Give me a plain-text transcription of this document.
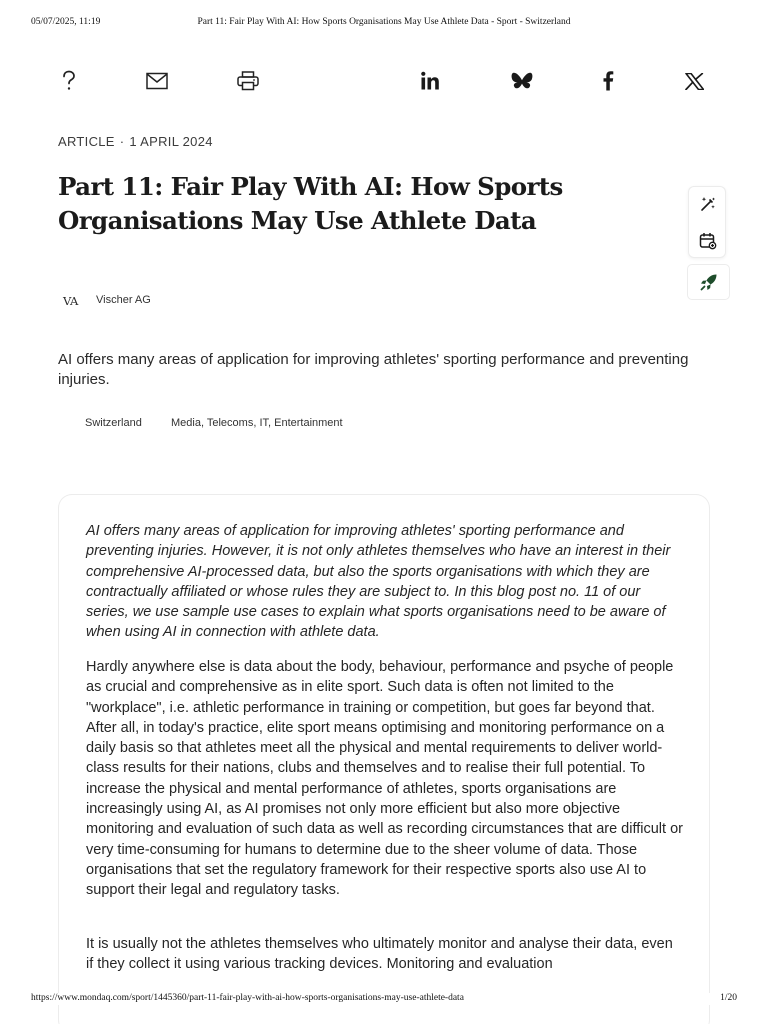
05/07/2025, 11:19	Part 11: Fair Play With AI: How Sports Organisations May Use Athlete Data - Sport - Switzerland
ARTICLE · 1 APRIL 2024
Part 11: Fair Play With AI: How Sports Organisations May Use Athlete Data
VA Vischer AG

AI offers many areas of application for improving athletes' sporting performance and preventing injuries.

Switzerland	Media, Telecoms, IT, Entertainment

AI offers many areas of application for improving athletes' sporting performance and preventing injuries. However, it is not only athletes themselves who have an interest in their comprehensive AI-processed data, but also the sports organisations with which they are contractually affiliated or whose rules they are subject to. In this blog post no. 11 of our series, we use sample use cases to explain what sports organisations need to be aware of when using AI in connection with athlete data.

Hardly anywhere else is data about the body, behaviour, performance and psyche of people as crucial and comprehensive as in elite sport. Such data is often not limited to the "workplace", i.e. athletic performance in training or competition, but goes far beyond that. After all, in today's practice, elite sport means optimising and monitoring performance on a daily basis so that athletes meet all the physical and mental requirements to deliver world-class results for their nations, clubs and themselves and to realise their full potential. To increase the physical and mental performance of athletes, sports organisations are increasingly using AI, as AI promises not only more efficient but also more objective monitoring and evaluation of such data as well as recording circumstances that are difficult or very time-consuming for humans to determine due to the sheer volume of data. Those organisations that set the regulatory framework for their respective sports also use AI to support their legal and regulatory tasks.

It is usually not the athletes themselves who ultimately monitor and analyse their data, even if they collect it using various tracking devices. Monitoring and evaluation

https://www.mondaq.com/sport/1445360/part-11-fair-play-with-ai-how-sports-organisations-may-use-athlete-data	1/20
